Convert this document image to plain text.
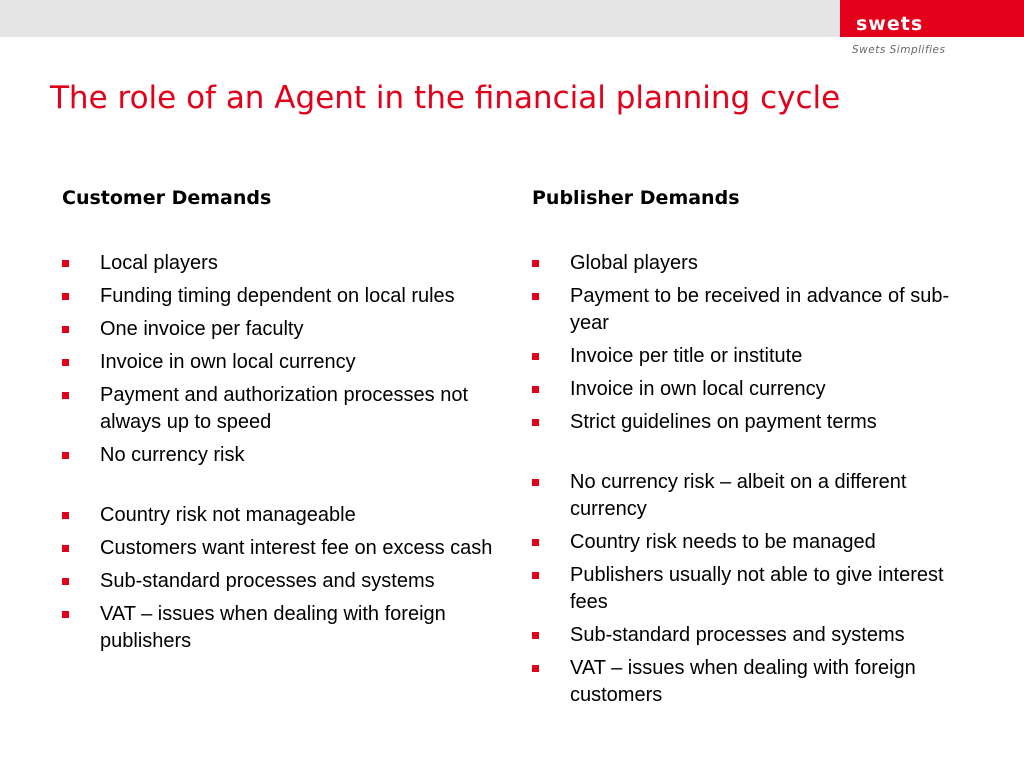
swets
Swets Simplifies
The role of an Agent in the financial planning cycle
Customer Demands
Local players
Funding timing dependent on local rules
One invoice per faculty
Invoice in own local currency
Payment and authorization processes not always up to speed
No currency risk
Country risk not manageable
Customers want interest fee on excess cash
Sub-standard processes and systems
VAT – issues when dealing with foreign publishers
Publisher Demands
Global players
Payment to be received in advance of sub-year
Invoice per title or institute
Invoice in own local currency
Strict guidelines on payment terms
No currency risk – albeit on a different currency
Country risk needs to be managed
Publishers usually not able to give interest fees
Sub-standard processes and systems
VAT – issues when dealing with foreign customers
